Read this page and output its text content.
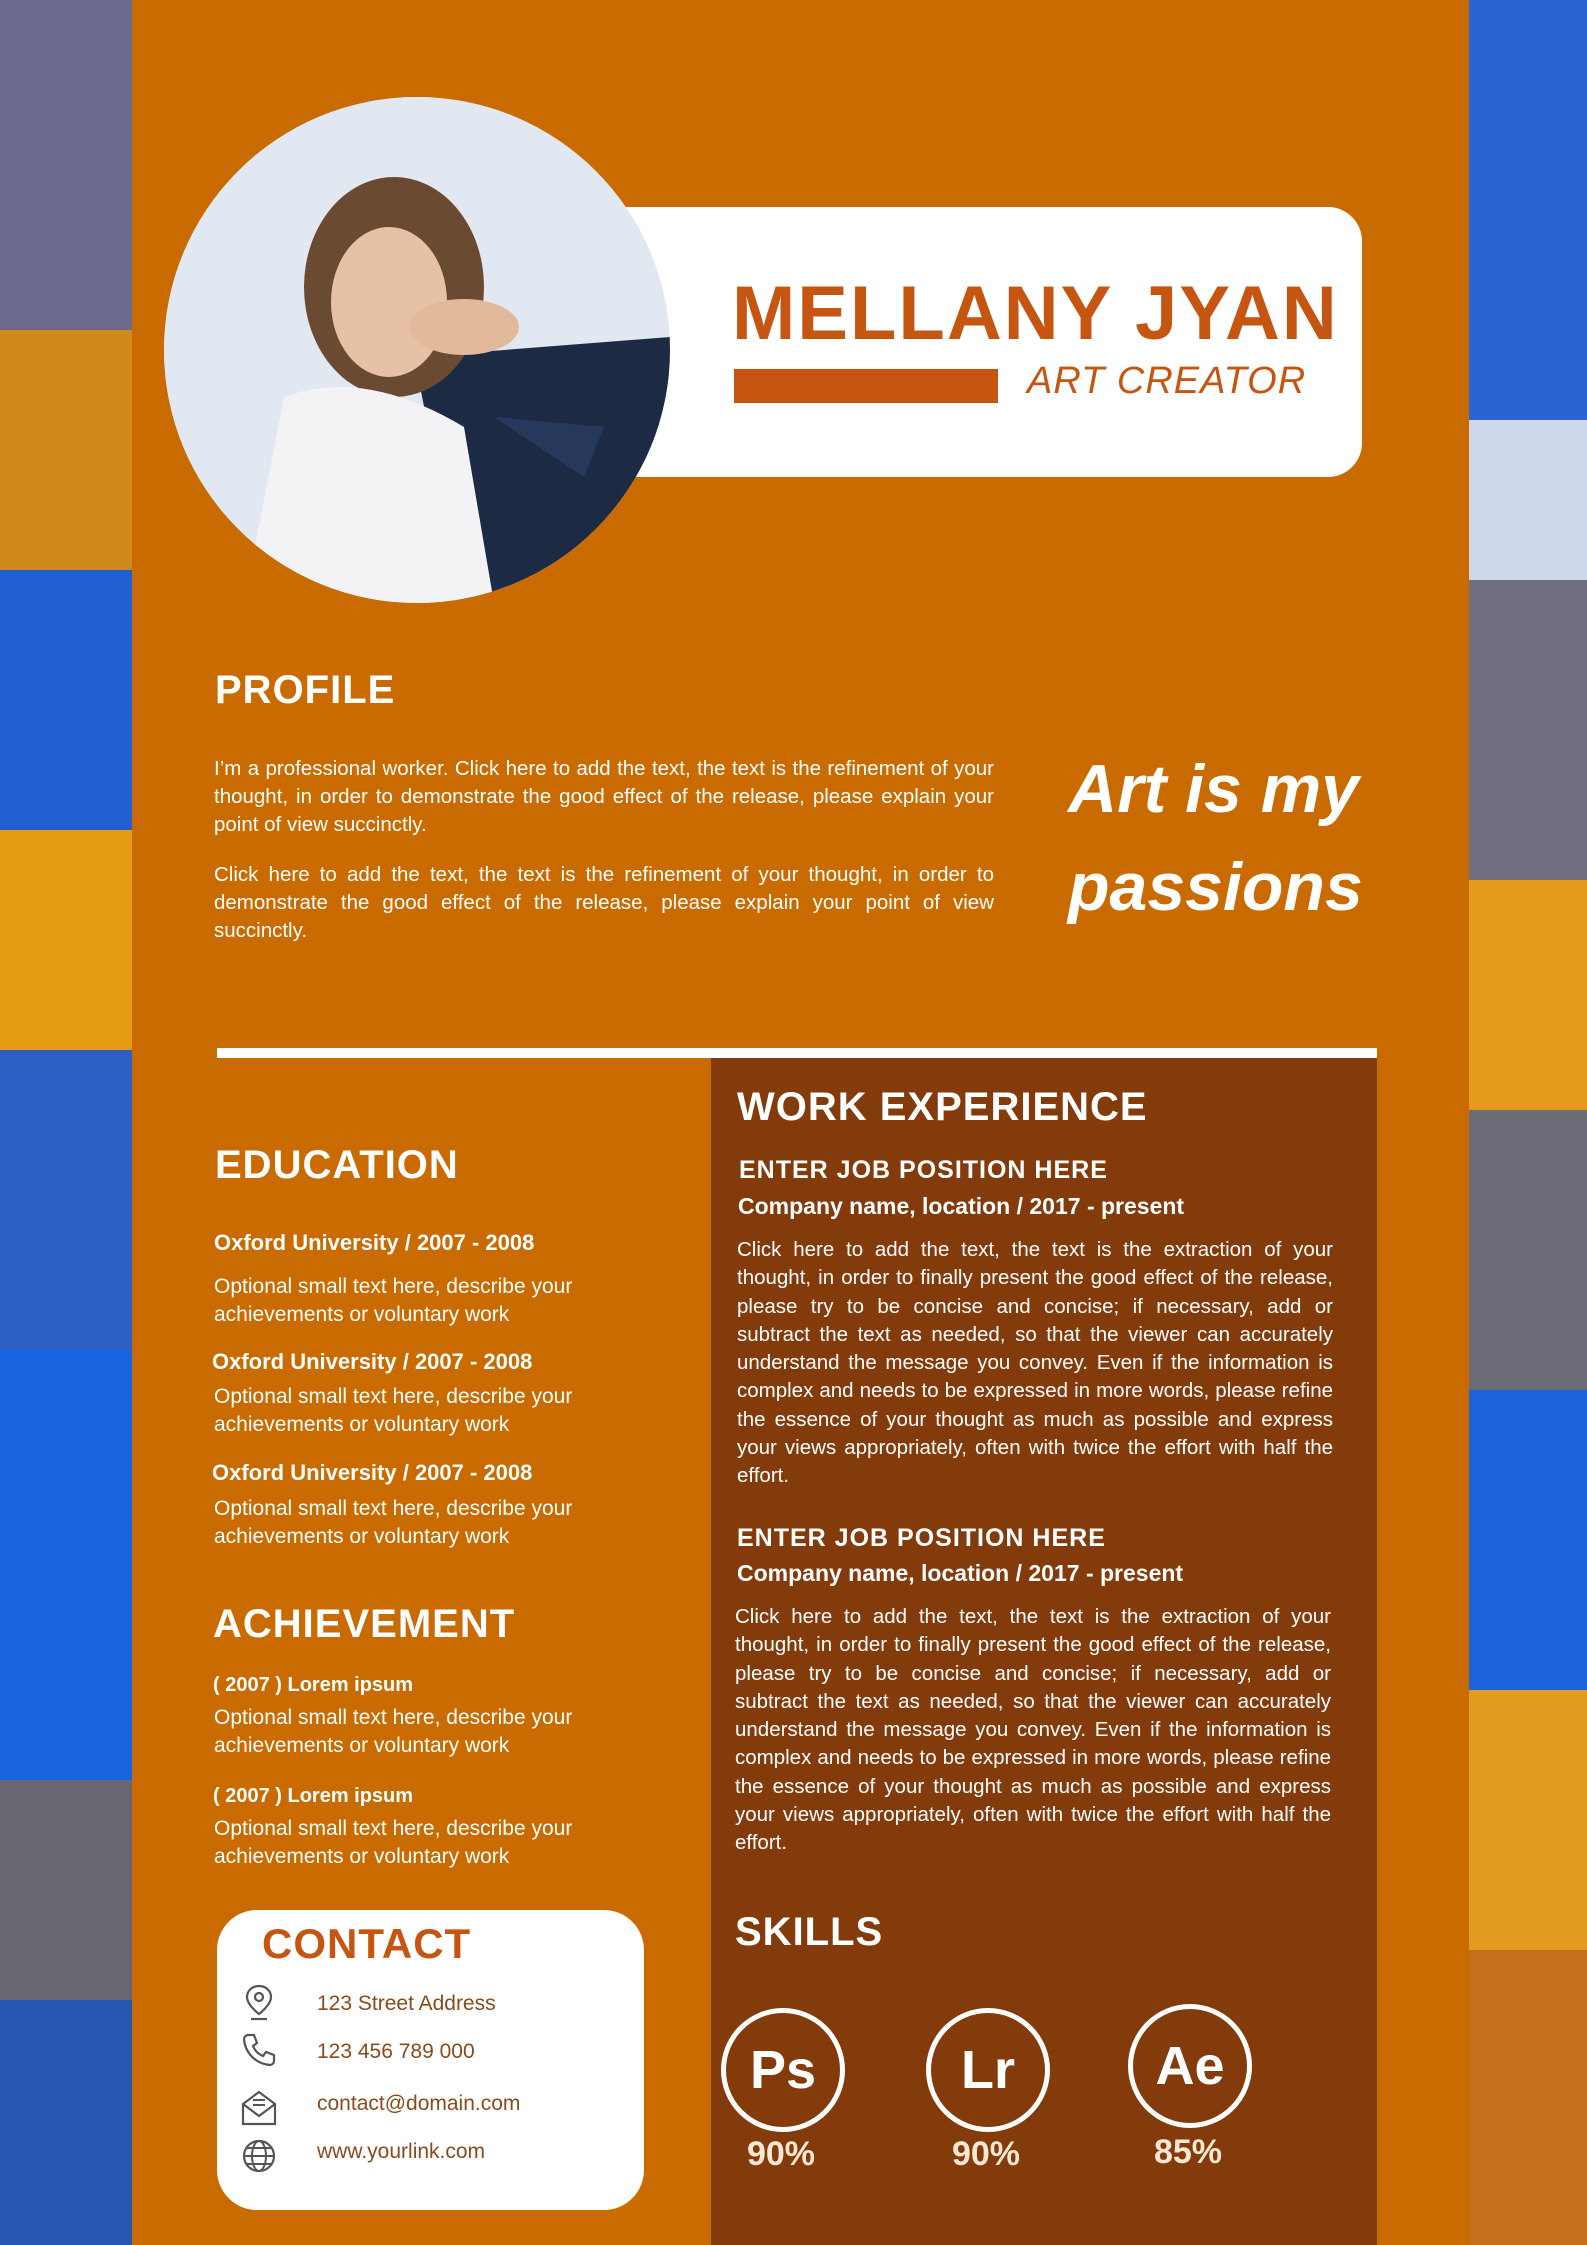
MELLANY JYAN
ART CREATOR
PROFILE
I’m a professional worker. Click here to add the text, the text is the refinement of your thought, in order to demonstrate the good effect of the release, please explain your point of view succinctly.
Click here to add the text, the text is the refinement of your thought, in order to demonstrate the good effect of the release, please explain your point of view succinctly.
Art is my passions
EDUCATION
Oxford University / 2007 - 2008
Optional small text here, describe your achievements or voluntary work
Oxford University / 2007 - 2008
Optional small text here, describe your achievements or voluntary work
Oxford University / 2007 - 2008
Optional small text here, describe your achievements or voluntary work
ACHIEVEMENT
( 2007 ) Lorem ipsum
Optional small text here, describe your achievements or voluntary work
( 2007 ) Lorem ipsum
Optional small text here, describe your achievements or voluntary work
CONTACT
123 Street Address
123 456 789 000
contact@domain.com
www.yourlink.com
WORK EXPERIENCE
ENTER JOB POSITION HERE
Company name, location / 2017 - present
Click here to add the text, the text is the extraction of your thought, in order to finally present the good effect of the release, please try to be concise and concise; if necessary, add or subtract the text as needed, so that the viewer can accurately understand the message you convey. Even if the information is complex and needs to be expressed in more words, please refine the essence of your thought as much as possible and express your views appropriately, often with twice the effort with half the effort.
ENTER JOB POSITION HERE
Company name, location / 2017 - present
Click here to add the text, the text is the extraction of your thought, in order to finally present the good effect of the release, please try to be concise and concise; if necessary, add or subtract the text as needed, so that the viewer can accurately understand the message you convey. Even if the information is complex and needs to be expressed in more words, please refine the essence of your thought as much as possible and express your views appropriately, often with twice the effort with half the effort.
SKILLS
Ps
90%
Lr
90%
Ae
85%
